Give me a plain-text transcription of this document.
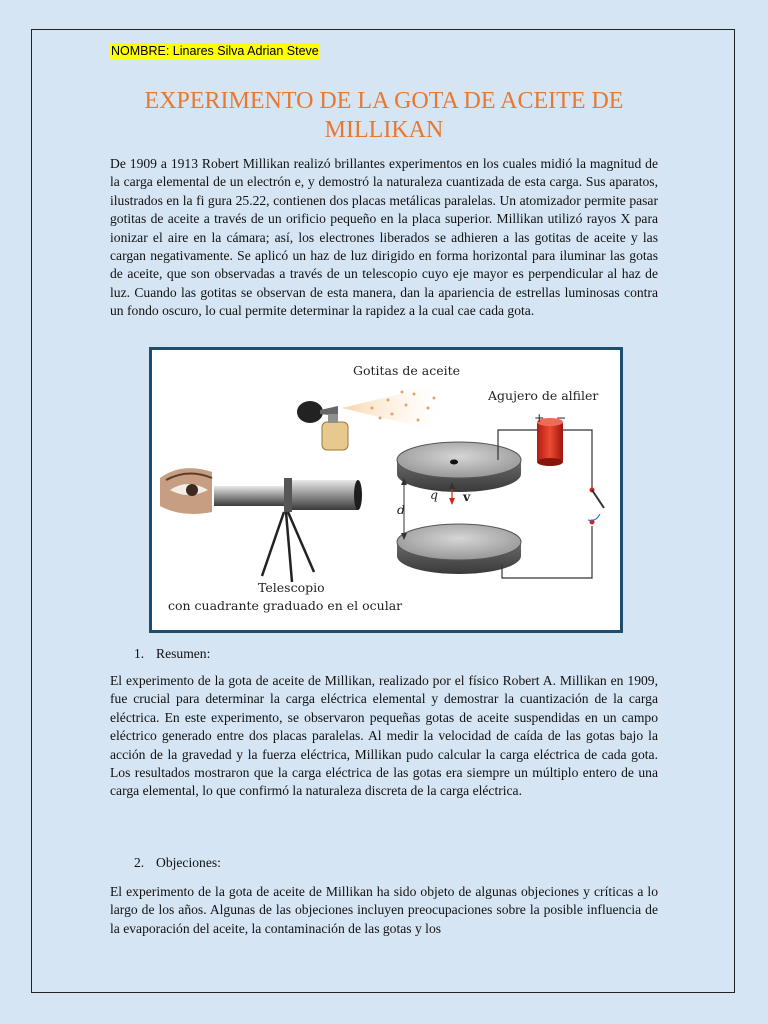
NOMBRE: Linares Silva Adrian Steve
EXPERIMENTO DE LA GOTA DE ACEITE DE MILLIKAN

De 1909 a 1913 Robert Millikan realizó brillantes experimentos en los cuales midió la magnitud de la carga elemental de un electrón e, y demostró la naturaleza cuantizada de esta carga. Sus aparatos, ilustrados en la fi gura 25.22, contienen dos placas metálicas paralelas. Un atomizador permite pasar gotitas de aceite a través de un orificio pequeño en la placa superior. Millikan utilizó rayos X para ionizar el aire en la cámara; así, los electrones liberados se adhieren a las gotitas de aceite y las cargan negativamente. Se aplicó un haz de luz dirigido en forma horizontal para iluminar las gotas de aceite, que son observadas a través de un telescopio cuyo eje mayor es perpendicular al haz de luz. Cuando las gotitas se observan de esta manera, dan la apariencia de estrellas luminosas contra un fondo oscuro, lo cual permite determinar la rapidez a la cual cae cada gota.

Gotitas de aceite
Agujero de alfiler
+ −
d
q v
Telescopio
con cuadrante graduado en el ocular
1. Resumen:

El experimento de la gota de aceite de Millikan, realizado por el físico Robert A. Millikan en 1909, fue crucial para determinar la carga eléctrica elemental y demostrar la cuantización de la carga eléctrica. En este experimento, se observaron pequeñas gotas de aceite suspendidas en un campo eléctrico generado entre dos placas paralelas. Al medir la velocidad de caída de las gotas bajo la acción de la gravedad y la fuerza eléctrica, Millikan pudo calcular la carga eléctrica de cada gota. Los resultados mostraron que la carga eléctrica de las gotas era siempre un múltiplo entero de una carga elemental, lo que confirmó la naturaleza discreta de la carga eléctrica.

2. Objeciones:

El experimento de la gota de aceite de Millikan ha sido objeto de algunas objeciones y críticas a lo largo de los años. Algunas de las objeciones incluyen preocupaciones sobre la posible influencia de la evaporación del aceite, la contaminación de las gotas y los
